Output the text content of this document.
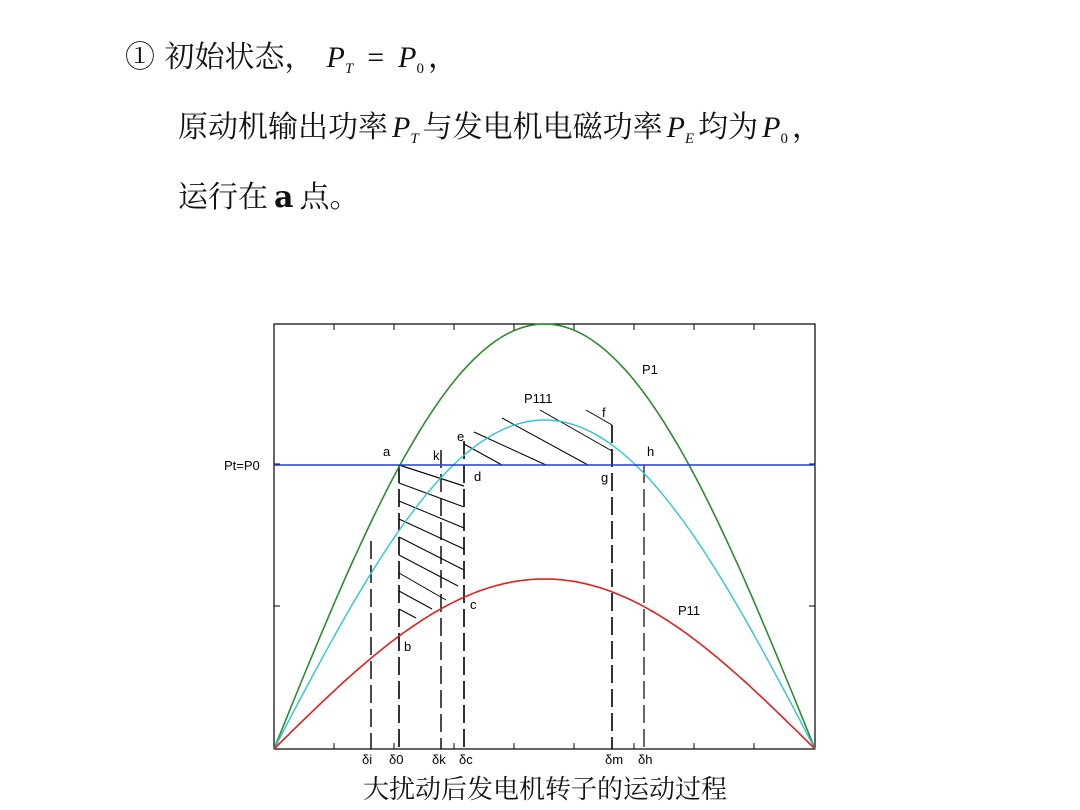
① 初始状态， $P_T = P_0$ ，
原动机输出功率 $P_T$ 与发电机电磁功率 $P_E$ 均为 $P_0$ ，
运行在 a 点。
Pt=P0
P1
P111
P11
a	k
e
d
f
g
h
c
b
δi δ0 δk δc	δm δh
大扰动后发电机转子的运动过程
